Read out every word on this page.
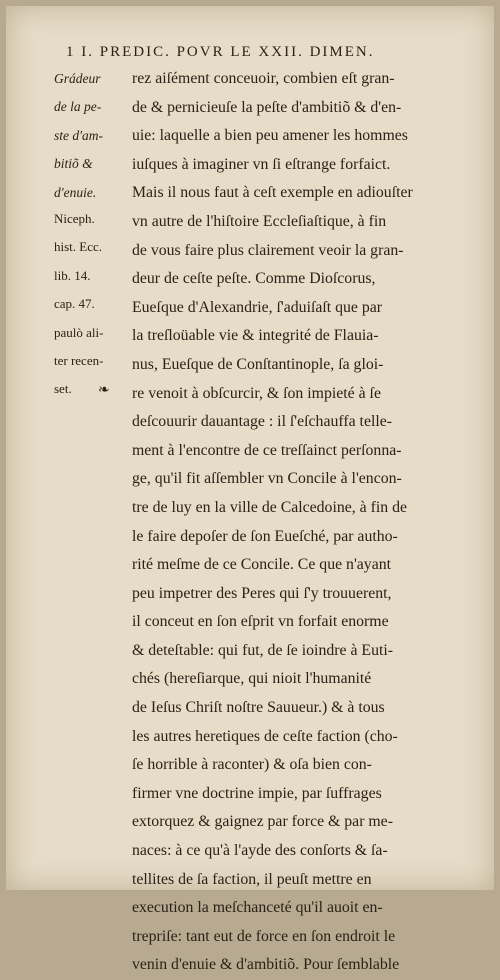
1 I. PREDIC. POVR LE XXII. DIMEN.
Grádeur
de la pe-
ste d'am-
bitiõ &
d'enuie.
Niceph.
hist. Ecc.
lib. 14.
cap. 47.
paulò ali-
ter recen-
set.	❧
rez aiſément conceuoir, combien eſt gran-
de & pernicieuſe la peſte d'ambitiõ & d'en-
uie: laquelle a bien peu amener les hommes
iuſques à imaginer vn ſi eſtrange forfaict.
Mais il nous faut à ceſt exemple en adiouſter
vn autre de l'hiſtoire Eccleſiaſtique, à fin
de vous faire plus clairement veoir la gran-
deur de ceſte peſte. Comme Dioſcorus,
Eueſque d'Alexandrie, ſ'aduiſaſt que par
la treſloüable vie & integrité de Flauia-
nus, Eueſque de Conſtantinople, ſa gloi-
re venoit à obſcurcir, & ſon impieté à ſe
deſcouurir dauantage : il ſ'eſchauffa telle-
ment à l'encontre de ce treſſainct perſonna-
ge, qu'il fit aſſembler vn Concile à l'encon-
tre de luy en la ville de Calcedoine, à fin de
le faire depoſer de ſon Eueſché, par autho-
rité meſme de ce Concile. Ce que n'ayant
peu impetrer des Peres qui ſ'y trouuerent,
il conceut en ſon eſprit vn forfait enorme
& deteſtable: qui fut, de ſe ioindre à Euti-
chés (hereſiarque, qui nioit l'humanité
de Ieſus Chriſt noſtre Sauueur.) & à tous
les autres heretiques de ceſte faction (cho-
ſe horrible à raconter) & oſa bien con-
firmer vne doctrine impie, par ſuffrages
extorquez & gaignez par force & par me-
naces: à ce qu'à l'ayde des conſorts & ſa-
tellites de ſa faction, il peuſt mettre en
execution la meſchanceté qu'il auoit en-
trepriſe: tant eut de force en ſon endroit le
venin d'enuie & d'ambitiõ. Pour ſemblable
